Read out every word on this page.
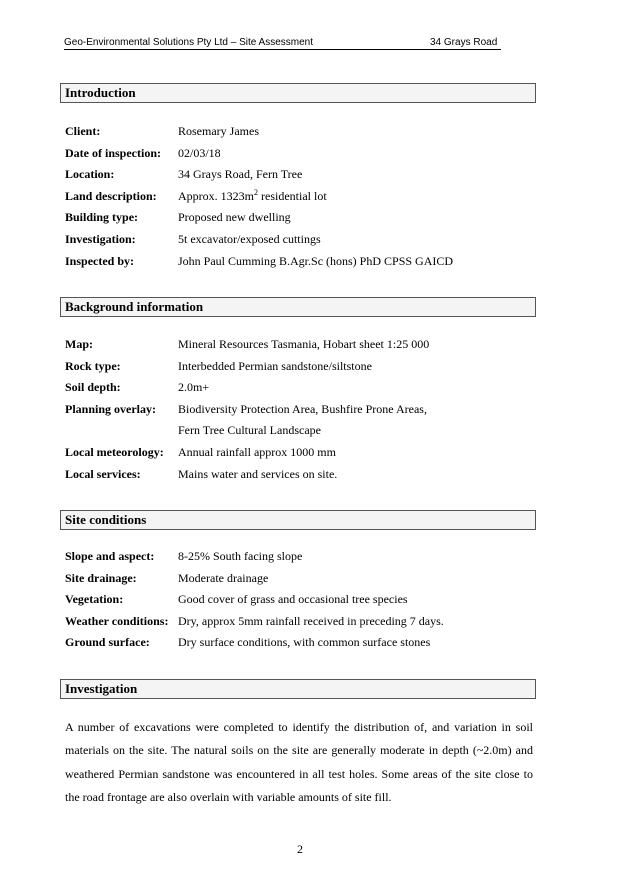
Geo-Environmental Solutions Pty Ltd – Site Assessment	34 Grays Road
Introduction
Client:	Rosemary James
Date of inspection: 02/03/18
Location:	34 Grays Road, Fern Tree
Land description: Approx. $1323m^2$ residential lot
Building type:	Proposed new dwelling
Investigation:	5t excavator/exposed cuttings
Inspected by:	John Paul Cumming B.Agr.Sc (hons) PhD CPSS GAICD
Background information
Map:	Mineral Resources Tasmania, Hobart sheet 1:25 000
Rock type:	Interbedded Permian sandstone/siltstone
Soil depth:	2.0m+
Planning overlay: Biodiversity Protection Area, Bushfire Prone Areas,
Fern Tree Cultural Landscape
Local meteorology: Annual rainfall approx 1000 mm
Local services:	Mains water and services on site.
Site conditions
Slope and aspect: 8-25% South facing slope
Site drainage:	Moderate drainage
Vegetation:	Good cover of grass and occasional tree species
Weather conditions: Dry, approx 5mm rainfall received in preceding 7 days.
Ground surface: Dry surface conditions, with common surface stones
Investigation
A number of excavations were completed to identify the distribution of, and variation in soil materials on the site. The natural soils on the site are generally moderate in depth (~2.0m) and weathered Permian sandstone was encountered in all test holes. Some areas of the site close to the road frontage are also overlain with variable amounts of site fill.
2
